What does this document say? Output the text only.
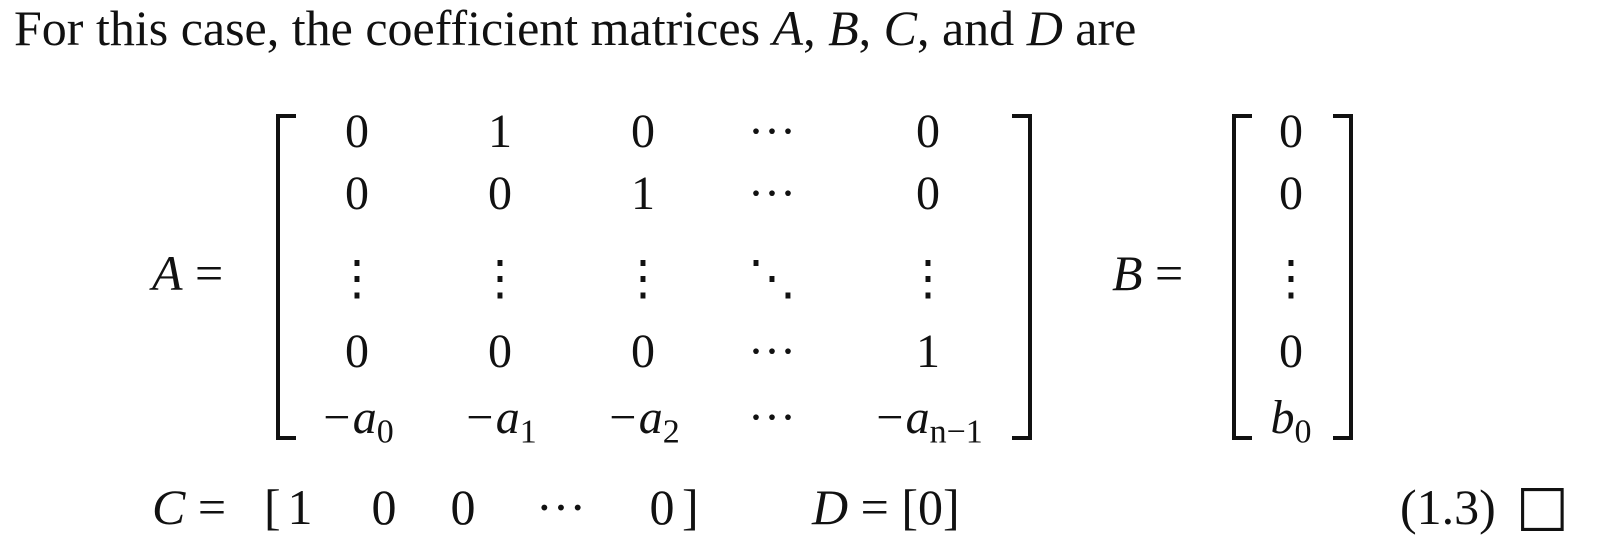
For this case, the coefficient matrices A, B, C, and D are
A =
0 1 0 ···	0
0 0 1 ···	0
⋮ ⋮ ⋮ ⋱ ⋮
0 0 0 ···	1
$-a_0 -a_1 -a_2$ ··· $-a_{n-1}$
B =
0
0
⋮
0
$b_0$
C = [ 1 0 0 ··· 0 ] D = [0]	(1.3) □
